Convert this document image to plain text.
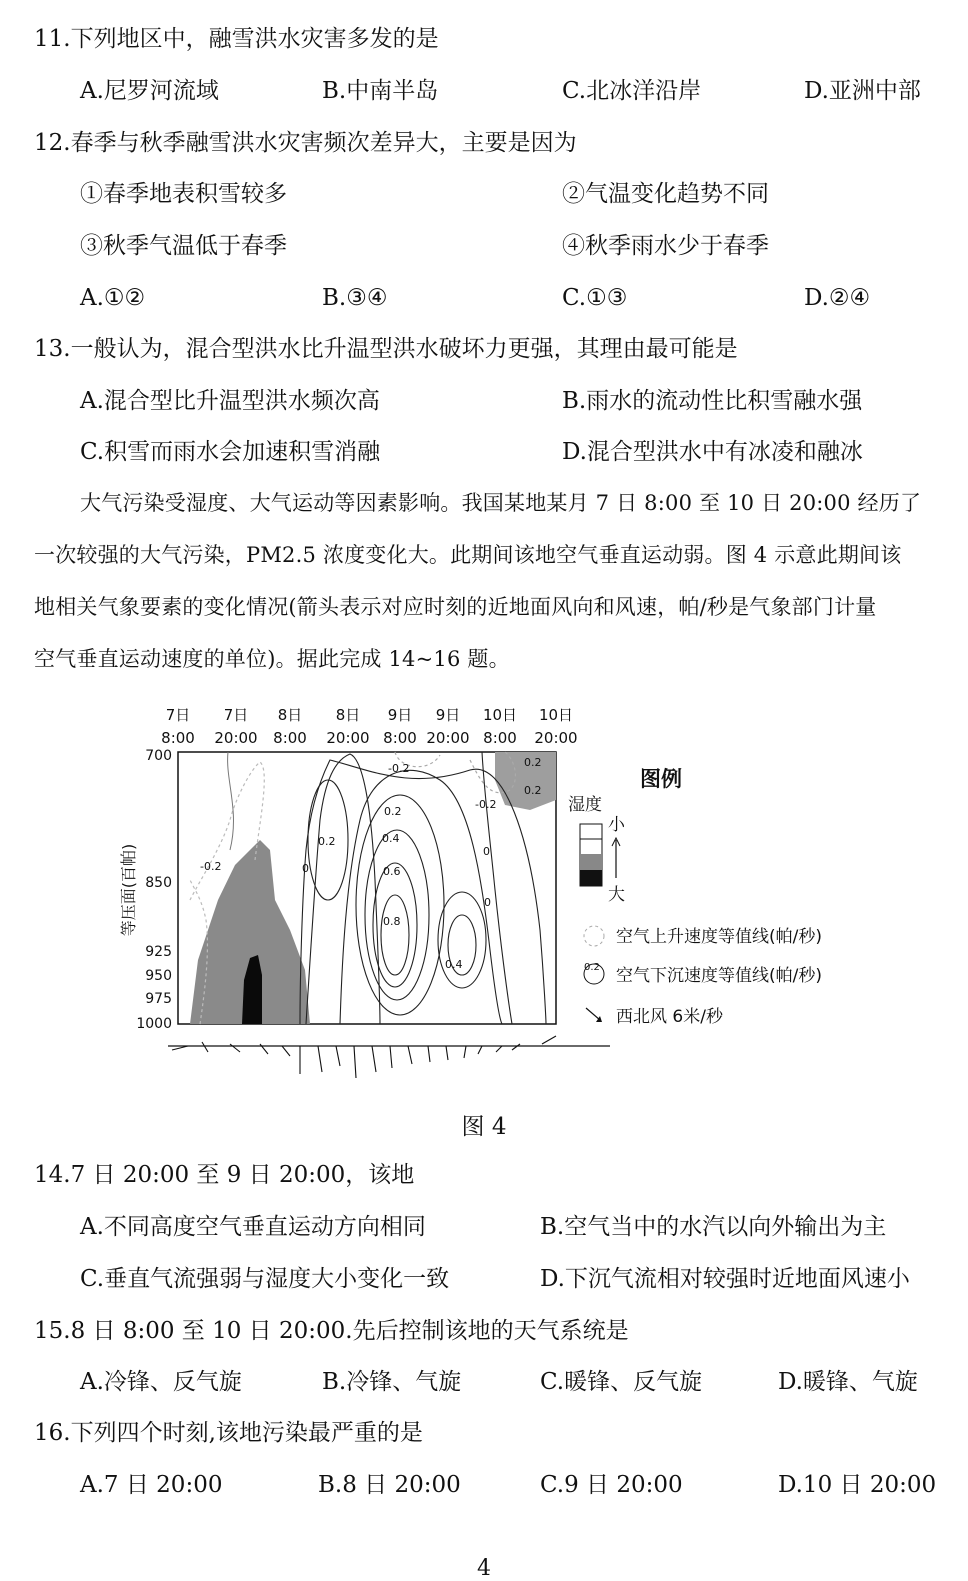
11.下列地区中，融雪洪水灾害多发的是
A.尼罗河流域	B.中南半岛	C.北冰洋沿岸	D.亚洲中部
12.春季与秋季融雪洪水灾害频次差异大，主要是因为
①春季地表积雪较多	②气温变化趋势不同
③秋季气温低于春季	④秋季雨水少于春季
A.①②	B.③④	C.①③	D.②④
13.一般认为，混合型洪水比升温型洪水破坏力更强，其理由最可能是
A.混合型比升温型洪水频次高	B.雨水的流动性比积雪融水强
C.积雪而雨水会加速积雪消融	D.混合型洪水中有冰凌和融冰
大气污染受湿度、大气运动等因素影响。我国某地某月 7 日 8:00 至 10 日 20:00 经历了
一次较强的大气污染，PM2.5 浓度变化大。此期间该地空气垂直运动弱。图 4 示意此期间该
地相关气象要素的变化情况(箭头表示对应时刻的近地面风向和风速，帕/秒是气象部门计量
空气垂直运动速度的单位)。据此完成 14~16 题。
7日
8:00
7日
20:00
8日
8:00
8日
20:00
9日
8:00
9日
20:00
10日
8:00
10日
20:00
700
850
925
950
975
1000
等压面(百帕)	-0.2
-0.2
-0.2
0.2
0
0
0.2
0.2
0.4
0.6
0.8
0.4
0
0.2
图例
湿度
小
大
空气上升速度等值线(帕/秒)
0.2 空气下沉速度等值线(帕/秒)
西北风 6米/秒
图 4
14.7 日 20:00 至 9 日 20:00，该地
A.不同高度空气垂直运动方向相同	B.空气当中的水汽以向外输出为主
C.垂直气流强弱与湿度大小变化一致	D.下沉气流相对较强时近地面风速小
15.8 日 8:00 至 10 日 20:00.先后控制该地的天气系统是
A.冷锋、反气旋	B.冷锋、气旋	C.暖锋、反气旋	D.暖锋、气旋
16.下列四个时刻,该地污染最严重的是
A.7 日 20:00	B.8 日 20:00	C.9 日 20:00	D.10 日 20:00
4
